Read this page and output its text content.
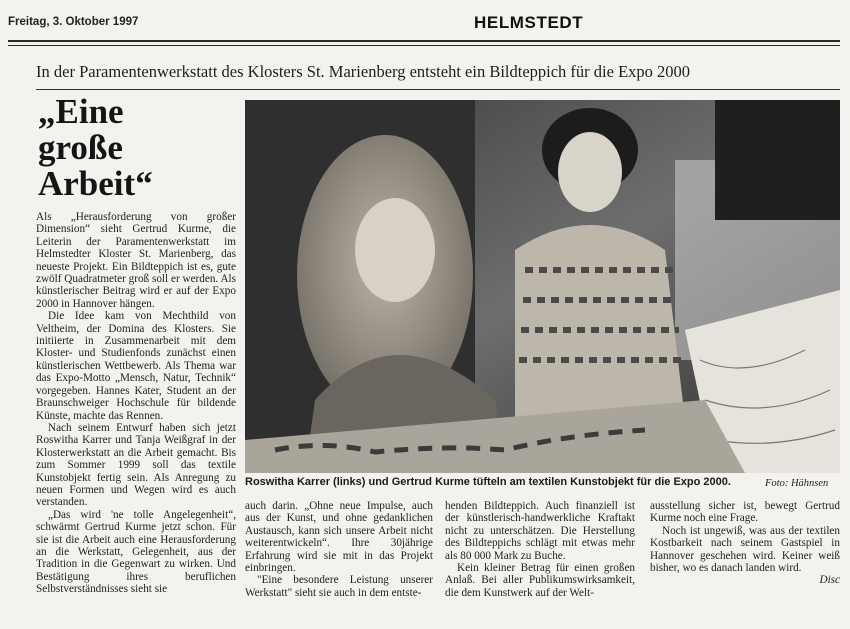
Freitag, 3. Oktober 1997	HELMSTEDT
In der Paramentenwerkstatt des Klosters St. Marienberg entsteht ein Bildteppich für die Expo 2000
„Eine
große
Arbeit“

Als „Herausforderung von großer Dimension“ sieht Gertrud Kurme, die Leiterin der Paramentenwerkstatt im Helmstedter Kloster St. Marienberg, das neueste Projekt. Ein Bildteppich ist es, gute zwölf Quadratmeter groß soll er werden. Als künstlerischer Beitrag wird er auf der Expo 2000 in Hannover hängen.

Die Idee kam von Mechthild von Veltheim, der Domina des Klosters. Sie initiierte in Zusammenarbeit mit dem Kloster- und Studienfonds zunächst einen künstlerischen Wettbewerb. Als Thema war das Expo-Motto „Mensch, Natur, Technik“ vorgegeben. Hannes Kater, Student an der Braunschweiger Hochschule für bildende Künste, machte das Rennen.

Nach seinem Entwurf haben sich jetzt Roswitha Karrer und Tanja Weißgraf in der Klosterwerkstatt an die Arbeit gemacht. Bis zum Sommer 1999 soll das textile Kunstobjekt fertig sein. Als Anregung zu neuen Formen und Wegen wird es auch verstanden.

„Das wird 'ne tolle Angelegenheit“, schwärmt Gertrud Kurme jetzt schon. Für sie ist die Arbeit auch eine Herausforderung an die Werkstatt, Gelegenheit, aus der Tradition in die Gegenwart zu wirken. Und Bestätigung ihres beruflichen Selbstverständnisses sieht sie

Roswitha Karrer (links) und Gertrud Kurme tüfteln am textilen Kunstobjekt für die Expo 2000.	Foto: Hähnsen

auch darin. „Ohne neue Impulse, auch aus der Kunst, und ohne gedanklichen Austausch, kann sich unsere Arbeit nicht weiterentwickeln“. Ihre 30jährige Erfahrung wird sie mit in das Projekt einbringen.

"Eine besondere Leistung unserer Werkstatt" sieht sie auch in dem entste-

henden Bildteppich. Auch finanziell ist der künstlerisch-handwerkliche Kraftakt nicht zu unterschätzen. Die Herstellung des Bildteppichs schlägt mit etwas mehr als 80 000 Mark zu Buche.

Kein kleiner Betrag für einen großen Anlaß. Bei aller Publikumswirksamkeit, die dem Kunstwerk auf der Welt-

ausstellung sicher ist, bewegt Gertrud Kurme noch eine Frage.

Noch ist ungewiß, was aus der textilen Kostbarkeit nach seinem Gastspiel in Hannover geschehen wird. Keiner weiß bisher, wo es danach landen wird.

Disc
